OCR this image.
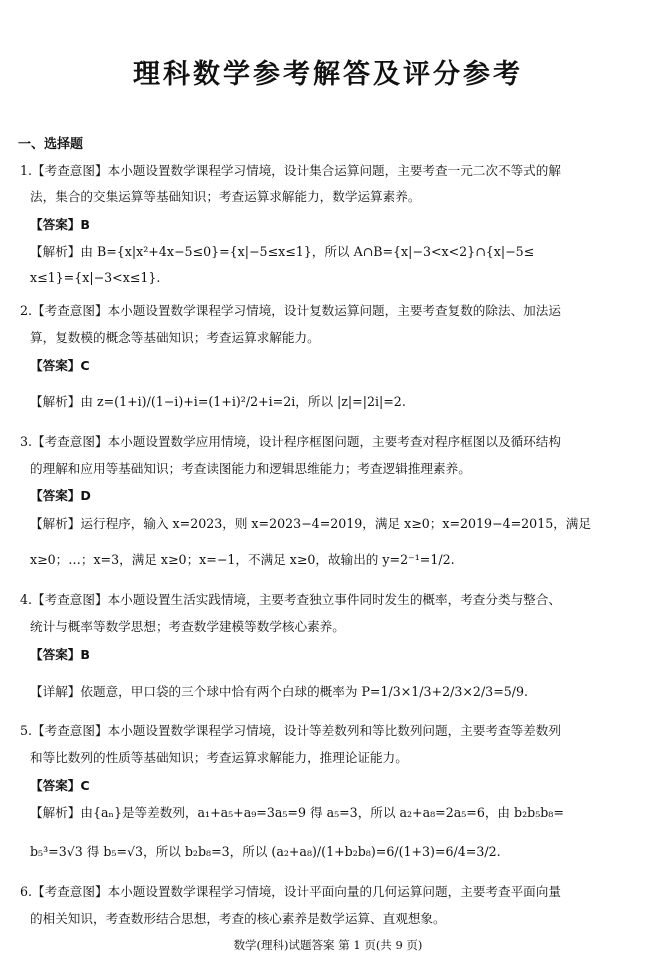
理科数学参考解答及评分参考
一、选择题
1.【考查意图】本小题设置数学课程学习情境，设计集合运算问题，主要考查一元二次不等式的解
法，集合的交集运算等基础知识；考查运算求解能力，数学运算素养。
【答案】B
【解析】由 B={x|x²+4x−5≤0}={x|−5≤x≤1}，所以 A∩B={x|−3<x<2}∩{x|−5≤
x≤1}={x|−3<x≤1}.
2.【考查意图】本小题设置数学课程学习情境，设计复数运算问题，主要考查复数的除法、加法运
算，复数模的概念等基础知识；考查运算求解能力。
【答案】C
【解析】由 z=(1+i)/(1−i)+i=(1+i)²/2+i=2i，所以 |z|=|2i|=2.
3.【考查意图】本小题设置数学应用情境，设计程序框图问题，主要考查对程序框图以及循环结构
的理解和应用等基础知识；考查读图能力和逻辑思维能力；考查逻辑推理素养。
【答案】D
【解析】运行程序，输入 x=2023，则 x=2023−4=2019，满足 x≥0；x=2019−4=2015，满足
x≥0；…；x=3，满足 x≥0；x=−1，不满足 x≥0，故输出的 y=2⁻¹=1/2.
4.【考查意图】本小题设置生活实践情境，主要考查独立事件同时发生的概率，考查分类与整合、
统计与概率等数学思想；考查数学建模等数学核心素养。
【答案】B
【详解】依题意，甲口袋的三个球中恰有两个白球的概率为 P=1/3×1/3+2/3×2/3=5/9.
5.【考查意图】本小题设置数学课程学习情境，设计等差数列和等比数列问题，主要考查等差数列
和等比数列的性质等基础知识；考查运算求解能力，推理论证能力。
【答案】C
【解析】由{aₙ}是等差数列，a₁+a₅+a₉=3a₅=9 得 a₅=3，所以 a₂+a₈=2a₅=6，由 b₂b₅b₈=
b₅³=3√3 得 b₅=√3，所以 b₂b₈=3，所以 (a₂+a₈)/(1+b₂b₈)=6/(1+3)=6/4=3/2.
6.【考查意图】本小题设置数学课程学习情境，设计平面向量的几何运算问题，主要考查平面向量
的相关知识，考查数形结合思想，考查的核心素养是数学运算、直观想象。
数学(理科)试题答案 第 1 页(共 9 页)
